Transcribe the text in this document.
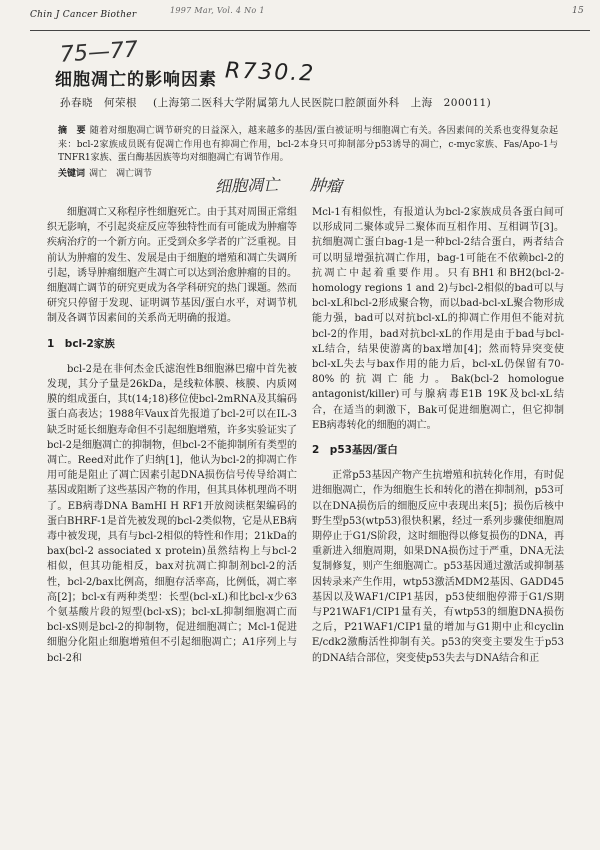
Chin J Cancer Biother	1997 Mar, Vol. 4 No 1	15
75—77
R730.2
细胞凋亡的影响因素
孙春晓　何荣根 (上海第二医科大学附属第九人民医院口腔颌面外科　上海　200011)
摘　要 随着对细胞凋亡调节研究的日益深入，越来越多的基因/蛋白被证明与细胞凋亡有关。各因素间的关系也变得复杂起来：bcl-2家族成员既有促凋亡作用也有抑凋亡作用，bcl-2本身只可抑制部分p53诱导的凋亡，c-myc家族、Fas/Apo-1与TNFR1家族、蛋白酶基因族等均对细胞凋亡有调节作用。
关键词 凋亡　凋亡调节
细胞凋亡 肿瘤

细胞凋亡又称程序性细胞死亡。由于其对周围正常组织无影响，不引起炎症反应等独特性而有可能成为肿瘤等疾病治疗的一个新方向。正受到众多学者的广泛重视。目前认为肿瘤的发生、发展是由于细胞的增殖和凋亡失调所引起，诱导肿瘤细胞产生凋亡可以达到治愈肿瘤的目的。细胞凋亡调节的研究更成为各学科研究的热门课题。然而研究只停留于发现、证明调节基因/蛋白水平，对调节机制及各调节因素间的关系尚无明确的报道。

1　bcl-2家族

bcl-2是在非何杰金氏滤泡性B细胞淋巴瘤中首先被发现，其分子量是26kDa，是线粒体膜、核膜、内质网膜的组成蛋白，其t(14;18)移位使bcl-2mRNA及其编码蛋白高表达；1988年Vaux首先报道了bcl-2可以在IL-3缺乏时延长细胞寿命但不引起细胞增殖，许多实验证实了bcl-2是细胞凋亡的抑制物，但bcl-2不能抑制所有类型的凋亡。Reed对此作了归纳[1]，他认为bcl-2的抑凋亡作用可能是阻止了凋亡因素引起DNA损伤信号传导给凋亡基因或阻断了这些基因产物的作用，但其具体机理尚不明了。EB病毒DNA BamHI H RF1开放阅读框架编码的蛋白BHRF-1是首先被发现的bcl-2类似物，它是从EB病毒中被发现，具有与bcl-2相似的特性和作用；21kDa的bax(bcl-2 associated x protein)虽然结构上与bcl-2相似，但其功能相反，bax对抗凋亡抑制剂bcl-2的活性，bcl-2/bax比例高，细胞存活率高，比例低，凋亡率高[2]；bcl-x有两种类型：长型(bcl-xL)和比bcl-x少63个氨基酸片段的短型(bcl-xS)；bcl-xL抑制细胞凋亡而bcl-xS则是bcl-2的抑制物，促进细胞凋亡；Mcl-1促进细胞分化阻止细胞增殖但不引起细胞凋亡；A1序列上与bcl-2和

Mcl-1有相似性，有报道认为bcl-2家族成员各蛋白间可以形成同二聚体或异二聚体而互相作用、互相调节[3]。抗细胞凋亡蛋白bag-1是一种bcl-2结合蛋白，两者结合可以明显增强抗凋亡作用，bag-1可能在不依赖bcl-2的抗凋亡中起着重要作用。只有BH1和BH2(bcl-2-homology regions 1 and 2)与bcl-2相似的bad可以与bcl-xL和bcl-2形成聚合物，而以bad-bcl-xL聚合物形成能力强，bad可以对抗bcl-xL的抑凋亡作用但不能对抗bcl-2的作用，bad对抗bcl-xL的作用是由于bad与bcl-xL结合，结果使游离的bax增加[4]；然而特异突变使bcl-xL失去与bax作用的能力后，bcl-xL仍保留有70-80%的抗凋亡能力。Bak(bcl-2 homologue antagonist/killer)可与腺病毒E1B 19K及bcl-xL结合，在适当的刺激下，Bak可促进细胞凋亡，但它抑制EB病毒转化的细胞的凋亡。

2　p53基因/蛋白

正常p53基因产物产生抗增殖和抗转化作用，有时促进细胞凋亡，作为细胞生长和转化的潜在抑制剂，p53可以在DNA损伤后的细胞反应中表现出来[5]；损伤后核中野生型p53(wtp53)很快积累，经过一系列步骤使细胞周期停止于G1/S阶段，这时细胞得以修复损伤的DNA，再重新进入细胞周期，如果DNA损伤过于严重，DNA无法复制修复，则产生细胞凋亡。p53基因通过激活或抑制基因转录来产生作用，wtp53激活MDM2基因、GADD45基因以及WAF1/CIP1基因，p53使细胞停滞于G1/S期与P21WAF1/CIP1量有关，有wtp53的细胞DNA损伤之后，P21WAF1/CIP1量的增加与G1期中止和cyclin E/cdk2激酶活性抑制有关。p53的突变主要发生于p53的DNA结合部位，突变使p53失去与DNA结合和正
